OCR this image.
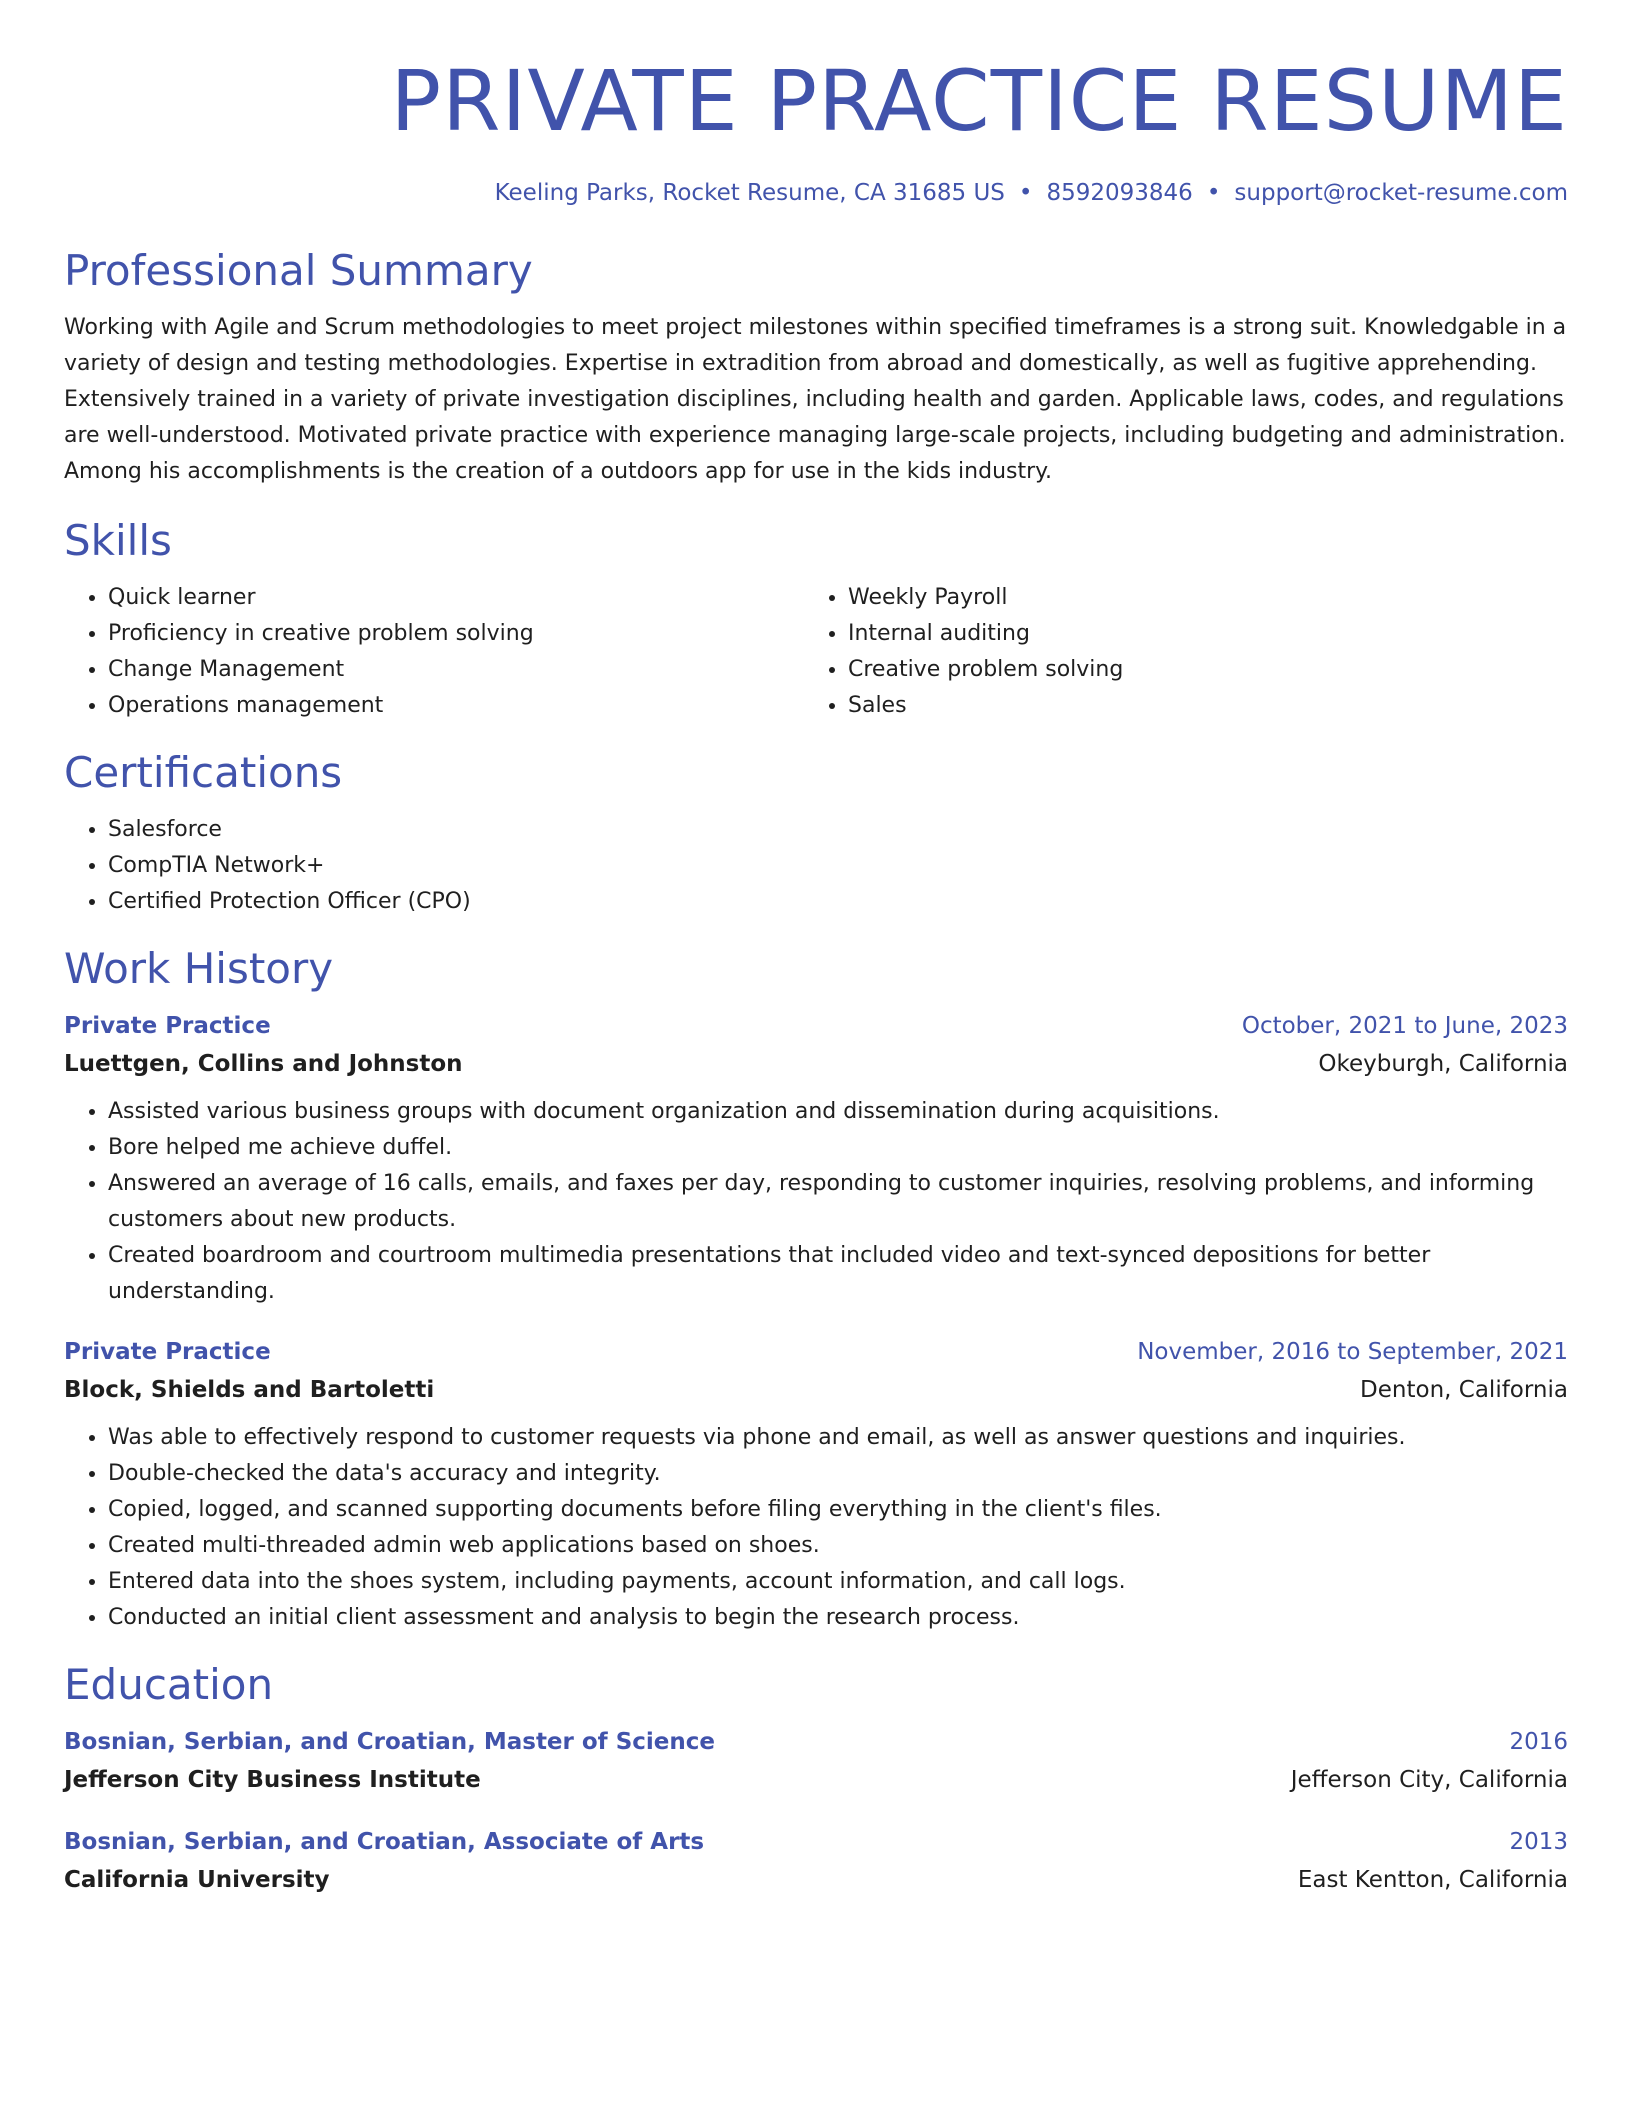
PRIVATE PRACTICE RESUME
Keeling Parks, Rocket Resume, CA 31685 US • 8592093846 • support@rocket-resume.com
Professional Summary
Working with Agile and Scrum methodologies to meet project milestones within specified timeframes is a strong suit. Knowledgable in a variety of design and testing methodologies. Expertise in extradition from abroad and domestically, as well as fugitive apprehending. Extensively trained in a variety of private investigation disciplines, including health and garden. Applicable laws, codes, and regulations are well-understood. Motivated private practice with experience managing large-scale projects, including budgeting and administration. Among his accomplishments is the creation of a outdoors app for use in the kids industry.
Skills
• Quick learner
• Proficiency in creative problem solving
• Change Management
• Operations management
• Weekly Payroll
• Internal auditing
• Creative problem solving
• Sales
Certifications
• Salesforce
• CompTIA Network+
• Certified Protection Officer (CPO)
Work History
Private Practice	October, 2021 to June, 2023
Luettgen, Collins and Johnston	Okeyburgh, California
• Assisted various business groups with document organization and dissemination during acquisitions.
• Bore helped me achieve duffel.
• Answered an average of 16 calls, emails, and faxes per day, responding to customer inquiries, resolving problems, and informing customers about new products.
• Created boardroom and courtroom multimedia presentations that included video and text-synced depositions for better understanding.
Private Practice	November, 2016 to September, 2021
Block, Shields and Bartoletti	Denton, California
• Was able to effectively respond to customer requests via phone and email, as well as answer questions and inquiries.
• Double-checked the data's accuracy and integrity.
• Copied, logged, and scanned supporting documents before filing everything in the client's files.
• Created multi-threaded admin web applications based on shoes.
• Entered data into the shoes system, including payments, account information, and call logs.
• Conducted an initial client assessment and analysis to begin the research process.
Education
Bosnian, Serbian, and Croatian, Master of Science	2016
Jefferson City Business Institute	Jefferson City, California
Bosnian, Serbian, and Croatian, Associate of Arts	2013
California University	East Kentton, California
